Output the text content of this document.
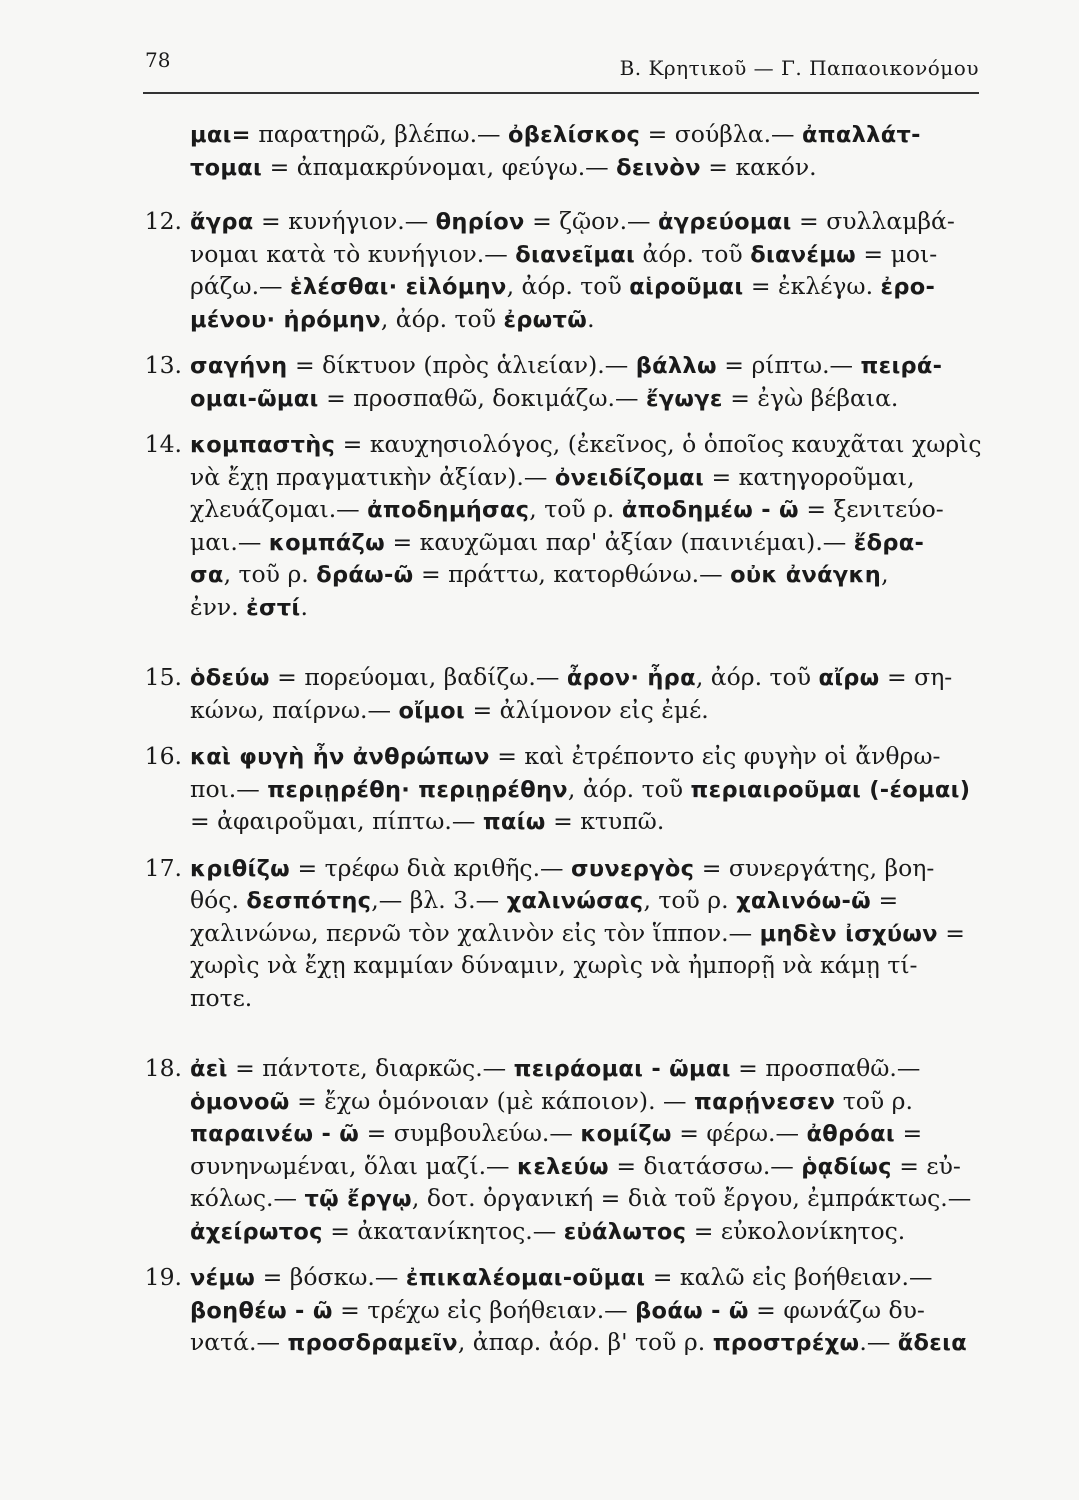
78	Β. Κρητικοῦ — Γ. Παπαοικονόμου
μαι= παρατηρῶ, βλέπω.— ὀβελίσκος = σούβλα.— ἀπαλλάτ-
τομαι = ἀπαμακρύνομαι, φεύγω.— δεινὸν = κακόν.
12. ἄγρα = κυνήγιον.— θηρίον = ζῷον.— ἀγρεύομαι = συλλαμβά-
νομαι κατὰ τὸ κυνήγιον.— διανεῖμαι ἀόρ. τοῦ διανέμω = μοι-
ράζω.— ἑλέσθαι· εἱλόμην, ἀόρ. τοῦ αἱροῦμαι = ἐκλέγω. ἐρο-
μένου· ἠρόμην, ἀόρ. τοῦ ἐρωτῶ.
13. σαγήνη = δίκτυον (πρὸς ἁλιείαν).— βάλλω = ρίπτω.— πειρά-
ομαι-ῶμαι = προσπαθῶ, δοκιμάζω.— ἔγωγε = ἐγὼ βέβαια.
14. κομπαστὴς = καυχησιολόγος, (ἐκεῖνος, ὁ ὁποῖος καυχᾶται χωρὶς
νὰ ἔχῃ πραγματικὴν ἀξίαν).— ὀνειδίζομαι = κατηγοροῦμαι,
χλευάζομαι.— ἀποδημήσας, τοῦ ρ. ἀποδημέω - ῶ = ξενιτεύο-
μαι.— κομπάζω = καυχῶμαι παρ' ἀξίαν (παινιέμαι).— ἔδρα-
σα, τοῦ ρ. δράω-ῶ = πράττω, κατορθώνω.— οὐκ ἀνάγκη,
ἐνν. ἐστί.
15. ὁδεύω = πορεύομαι, βαδίζω.— ἆρον· ἦρα, ἀόρ. τοῦ αἴρω = ση-
κώνω, παίρνω.— οἴμοι = ἀλίμονον εἰς ἐμέ.
16. καὶ φυγὴ ἦν ἀνθρώπων = καὶ ἐτρέποντο εἰς φυγὴν οἱ ἄνθρω-
ποι.— περιῃρέθη· περιῃρέθην, ἀόρ. τοῦ περιαιροῦμαι (-έομαι)
= ἀφαιροῦμαι, πίπτω.— παίω = κτυπῶ.
17. κριθίζω = τρέφω διὰ κριθῆς.— συνεργὸς = συνεργάτης, βοη-
θός. δεσπότης,— βλ. 3.— χαλινώσας, τοῦ ρ. χαλινόω-ῶ =
χαλινώνω, περνῶ τὸν χαλινὸν εἰς τὸν ἵππον.— μηδὲν ἰσχύων =
χωρὶς νὰ ἔχῃ καμμίαν δύναμιν, χωρὶς νὰ ἠμπορῇ νὰ κάμῃ τί-
ποτε.
18. ἀεὶ = πάντοτε, διαρκῶς.— πειράομαι - ῶμαι = προσπαθῶ.—
ὁμονοῶ = ἔχω ὁμόνοιαν (μὲ κάποιον). — παρῄνεσεν τοῦ ρ.
παραινέω - ῶ = συμβουλεύω.— κομίζω = φέρω.— ἀθρόαι =
συνηνωμέναι, ὅλαι μαζί.— κελεύω = διατάσσω.— ῥᾳδίως = εὐ-
κόλως.— τῷ ἔργῳ, δοτ. ὀργανική = διὰ τοῦ ἔργου, ἐμπράκτως.—
ἀχείρωτος = ἀκατανίκητος.— εὐάλωτος = εὐκολονίκητος.
19. νέμω = βόσκω.— ἐπικαλέομαι-οῦμαι = καλῶ εἰς βοήθειαν.—
βοηθέω - ῶ = τρέχω εἰς βοήθειαν.— βοάω - ῶ = φωνάζω δυ-
νατά.— προσδραμεῖν, ἀπαρ. ἀόρ. β' τοῦ ρ. προστρέχω.— ἄδεια
